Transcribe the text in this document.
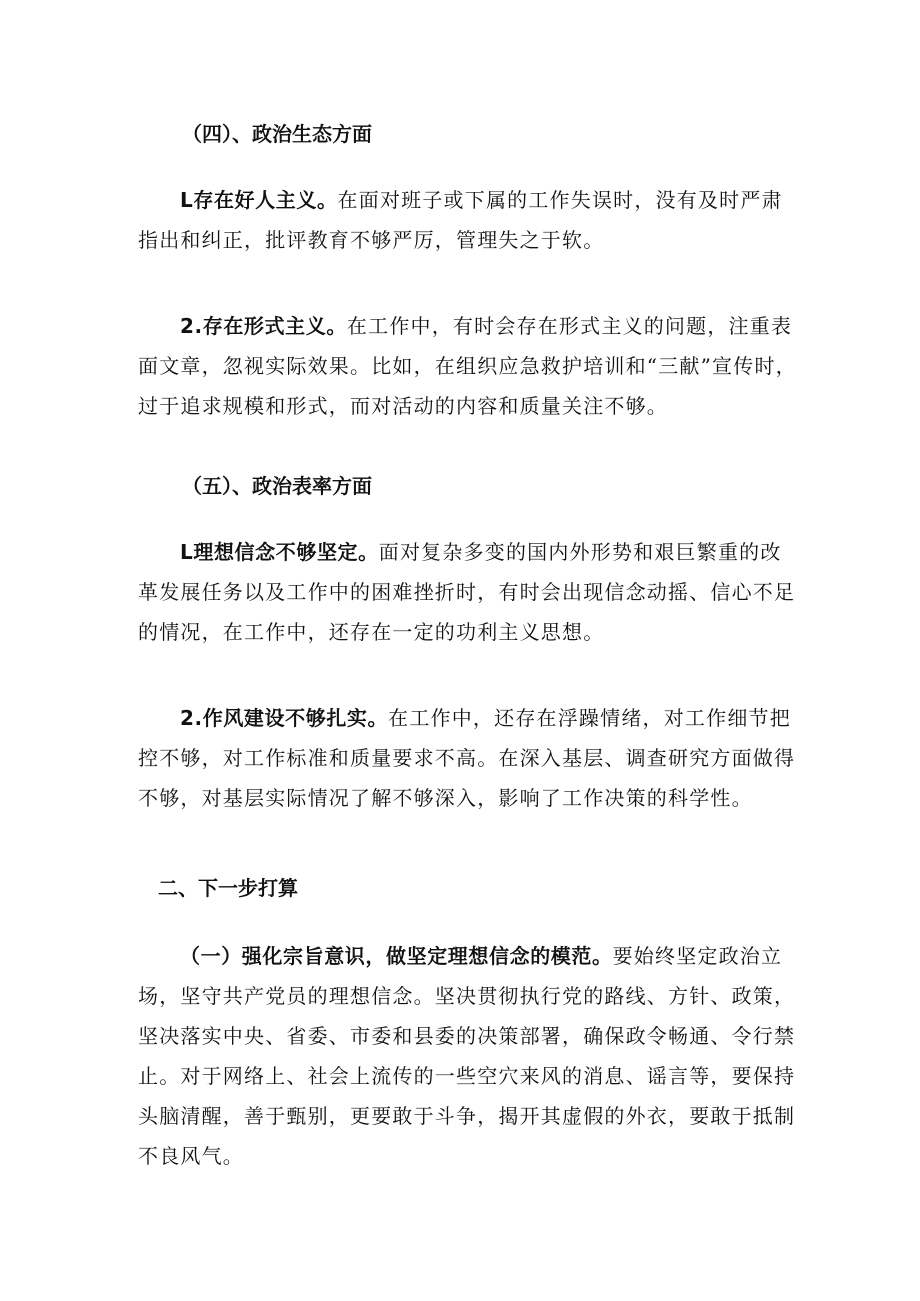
（四）、政治生态方面

L存在好人主义。在面对班子或下属的工作失误时，没有及时严肃指出和纠正，批评教育不够严厉，管理失之于软。

2.存在形式主义。在工作中，有时会存在形式主义的问题，注重表面文章，忽视实际效果。比如，在组织应急救护培训和“三献”宣传时，过于追求规模和形式，而对活动的内容和质量关注不够。

（五）、政治表率方面

L理想信念不够坚定。面对复杂多变的国内外形势和艰巨繁重的改革发展任务以及工作中的困难挫折时，有时会出现信念动摇、信心不足的情况，在工作中，还存在一定的功利主义思想。

2.作风建设不够扎实。在工作中，还存在浮躁情绪，对工作细节把控不够，对工作标准和质量要求不高。在深入基层、调查研究方面做得不够，对基层实际情况了解不够深入，影响了工作决策的科学性。

二、下一步打算

（一）强化宗旨意识，做坚定理想信念的模范。要始终坚定政治立场，坚守共产党员的理想信念。坚决贯彻执行党的路线、方针、政策，坚决落实中央、省委、市委和县委的决策部署，确保政令畅通、令行禁止。对于网络上、社会上流传的一些空穴来风的消息、谣言等，要保持头脑清醒，善于甄别，更要敢于斗争，揭开其虚假的外衣，要敢于抵制不良风气。
